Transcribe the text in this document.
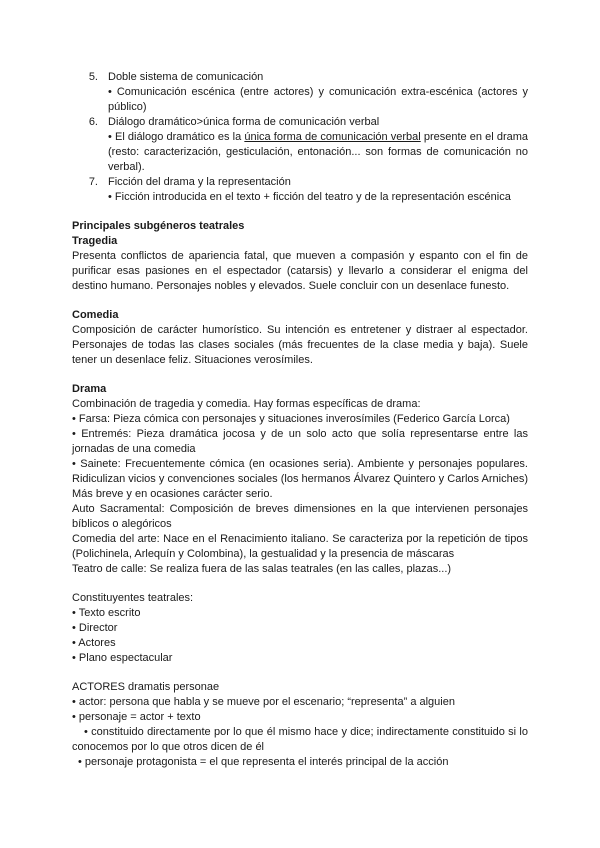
5. Doble sistema de comunicación
• Comunicación escénica (entre actores) y comunicación extra-escénica (actores y público)
6. Diálogo dramático>única forma de comunicación verbal
• El diálogo dramático es la única forma de comunicación verbal presente en el drama (resto: caracterización, gesticulación, entonación... son formas de comunicación no verbal).
7. Ficción del drama y la representación
• Ficción introducida en el texto + ficción del teatro y de la representación escénica

Principales subgéneros teatrales

Tragedia

Presenta conflictos de apariencia fatal, que mueven a compasión y espanto con el fin de purificar esas pasiones en el espectador (catarsis) y llevarlo a considerar el enigma del destino humano. Personajes nobles y elevados. Suele concluir con un desenlace funesto.

Comedia

Composición de carácter humorístico. Su intención es entretener y distraer al espectador. Personajes de todas las clases sociales (más frecuentes de la clase media y baja). Suele tener un desenlace feliz. Situaciones verosímiles.

Drama

Combinación de tragedia y comedia. Hay formas específicas de drama:

• Farsa: Pieza cómica con personajes y situaciones inverosímiles (Federico García Lorca)

• Entremés: Pieza dramática jocosa y de un solo acto que solía representarse entre las jornadas de una comedia

• Sainete: Frecuentemente cómica (en ocasiones seria). Ambiente y personajes populares. Ridiculizan vicios y convenciones sociales (los hermanos Álvarez Quintero y Carlos Arniches) Más breve y en ocasiones carácter serio.

Auto Sacramental: Composición de breves dimensiones en la que intervienen personajes bíblicos o alegóricos

Comedia del arte: Nace en el Renacimiento italiano. Se caracteriza por la repetición de tipos (Polichinela, Arlequín y Colombina), la gestualidad y la presencia de máscaras

Teatro de calle: Se realiza fuera de las salas teatrales (en las calles, plazas...)

Constituyentes teatrales:

• Texto escrito

• Director

• Actores

• Plano espectacular

ACTORES dramatis personae

• actor: persona que habla y se mueve por el escenario; “representa” a alguien

• personaje = actor + texto

• constituido directamente por lo que él mismo hace y dice; indirectamente constituido si lo conocemos por lo que otros dicen de él

• personaje protagonista = el que representa el interés principal de la acción
